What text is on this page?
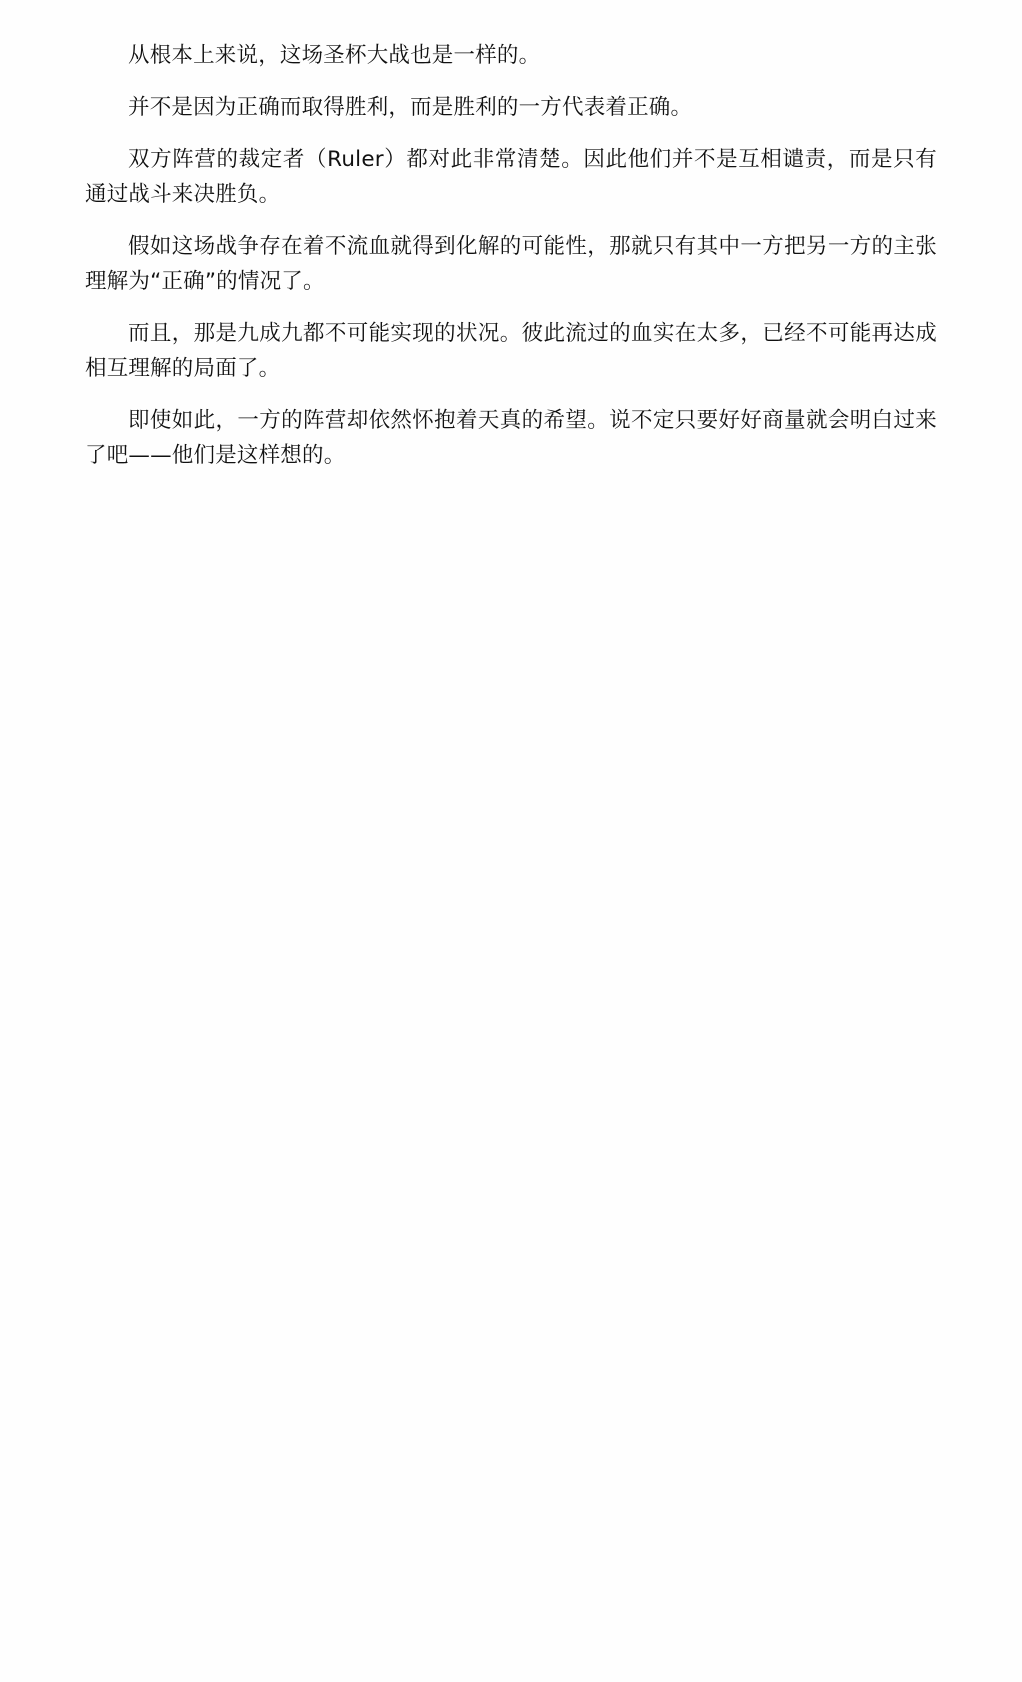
从根本上来说，这场圣杯大战也是一样的。

并不是因为正确而取得胜利，而是胜利的一方代表着正确。

双方阵营的裁定者（Ruler）都对此非常清楚。因此他们并不是互相谴责，而是只有通过战斗来决胜负。

假如这场战争存在着不流血就得到化解的可能性，那就只有其中一方把另一方的主张理解为“正确”的情况了。

而且，那是九成九都不可能实现的状况。彼此流过的血实在太多，已经不可能再达成相互理解的局面了。

即使如此，一方的阵营却依然怀抱着天真的希望。说不定只要好好商量就会明白过来了吧——他们是这样想的。
